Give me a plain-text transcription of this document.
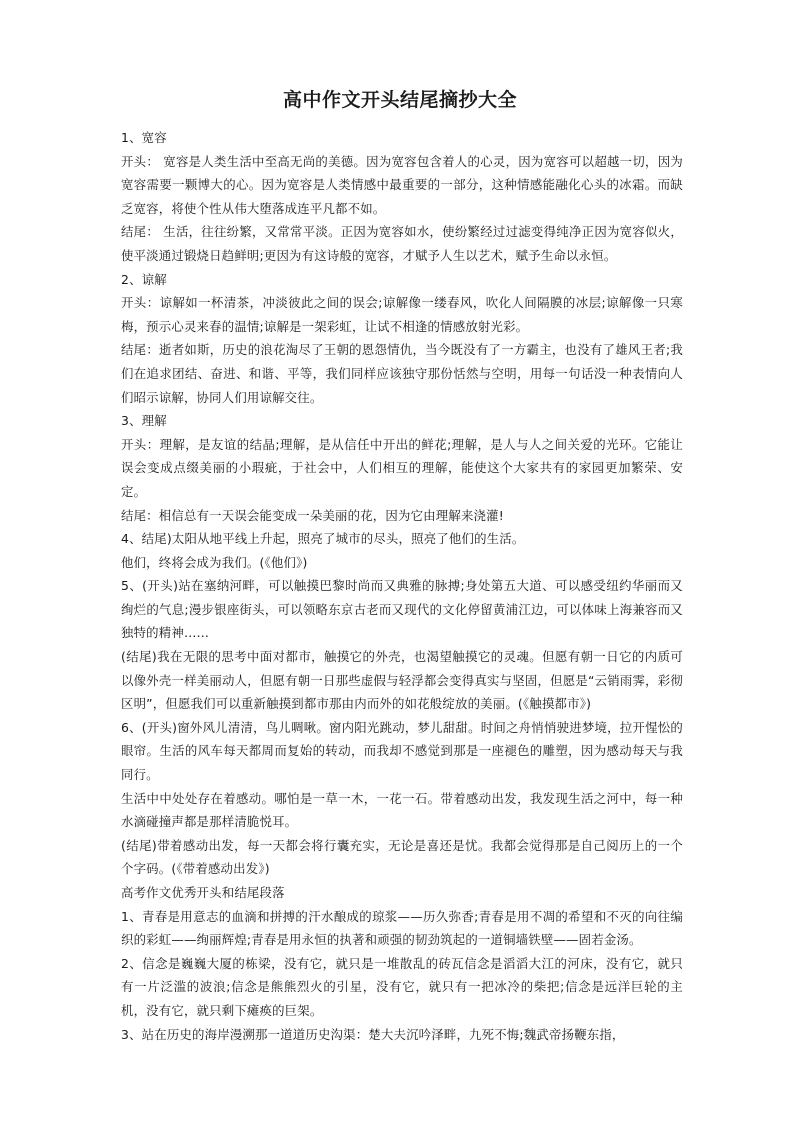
高中作文开头结尾摘抄大全

1、宽容

开头： 宽容是人类生活中至高无尚的美德。因为宽容包含着人的心灵，因为宽容可以超越一切，因为宽容需要一颗博大的心。因为宽容是人类情感中最重要的一部分，这种情感能融化心头的冰霜。而缺乏宽容，将使个性从伟大堕落成连平凡都不如。

结尾： 生活，往往纷繁，又常常平淡。正因为宽容如水，使纷繁经过过滤变得纯净正因为宽容似火，使平淡通过锻烧日趋鲜明;更因为有这诗般的宽容，才赋予人生以艺术，赋予生命以永恒。

2、谅解

开头：谅解如一杯清茶，冲淡彼此之间的误会;谅解像一缕春风，吹化人间隔膜的冰层;谅解像一只寒梅，预示心灵来春的温情;谅解是一架彩虹，让试不相逢的情感放射光彩。

结尾：逝者如斯，历史的浪花淘尽了王朝的恩怨情仇，当今既没有了一方霸主，也没有了雄风王者;我们在追求团结、奋进、和谐、平等，我们同样应该独守那份恬然与空明，用每一句话没一种表情向人们昭示谅解，协同人们用谅解交往。

3、理解

开头：理解，是友谊的结晶;理解，是从信任中开出的鲜花;理解，是人与人之间关爱的光环。它能让误会变成点缀美丽的小瑕疵，于社会中，人们相互的理解，能使这个大家共有的家园更加繁荣、安定。

结尾：相信总有一天误会能变成一朵美丽的花，因为它由理解来浇灌!

4、结尾)太阳从地平线上升起，照亮了城市的尽头，照亮了他们的生活。

他们，终将会成为我们。(《他们》)

5、(开头)站在塞纳河畔，可以触摸巴黎时尚而又典雅的脉搏;身处第五大道、可以感受纽约华丽而又绚烂的气息;漫步银座街头，可以领略东京古老而又现代的文化停留黄浦江边，可以体味上海兼容而又独特的精神……

(结尾)我在无限的思考中面对都市，触摸它的外壳，也渴望触摸它的灵魂。但愿有朝一日它的内质可以像外壳一样美丽动人，但愿有朝一日那些虚假与轻浮都会变得真实与坚固，但愿是“云销雨霁，彩彻区明”，但愿我们可以重新触摸到都市那由内而外的如花般绽放的美丽。(《触摸都市》)

6、(开头)窗外风儿清清，鸟儿啁啾。窗内阳光跳动，梦儿甜甜。时间之舟悄悄驶进梦境，拉开惺忪的眼帘。生活的风车每天都周而复始的转动，而我却不感觉到那是一座褪色的雕塑，因为感动每天与我同行。

生活中中处处存在着感动。哪怕是一草一木，一花一石。带着感动出发，我发现生活之河中，每一种水滴碰撞声都是那样清脆悦耳。

(结尾)带着感动出发，每一天都会将行囊充实，无论是喜还是忧。我都会觉得那是自己阅历上的一个个字码。(《带着感动出发》)

高考作文优秀开头和结尾段落

1、青春是用意志的血滴和拼搏的汗水酿成的琼浆——历久弥香;青春是用不凋的希望和不灭的向往编织的彩虹——绚丽辉煌;青春是用永恒的执著和顽强的韧劲筑起的一道铜墙铁壁——固若金汤。

2、信念是巍巍大厦的栋梁，没有它，就只是一堆散乱的砖瓦信念是滔滔大江的河床，没有它，就只有一片泛滥的波浪;信念是熊熊烈火的引星，没有它，就只有一把冰冷的柴把;信念是远洋巨轮的主机，没有它，就只剩下瘫痪的巨架。

3、站在历史的海岸漫溯那一道道历史沟渠：楚大夫沉吟泽畔，九死不悔;魏武帝扬鞭东指，
